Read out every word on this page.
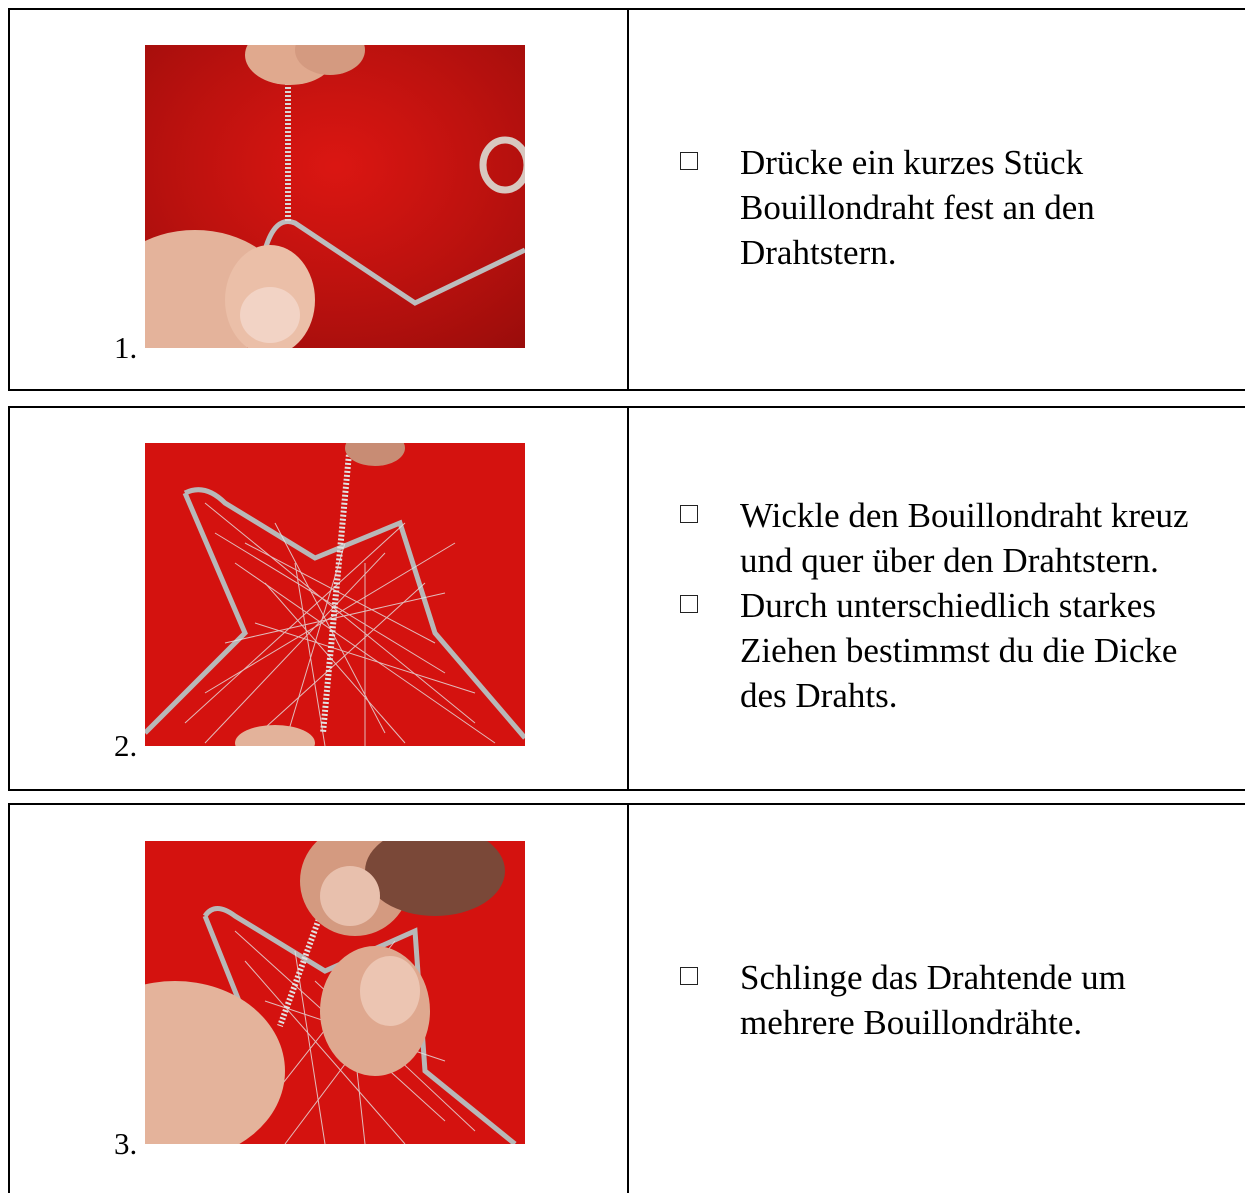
1.
Drücke ein kurzes Stück Bouillondraht fest an den Drahtstern.
2.
Wickle den Bouillondraht kreuz und quer über den Drahtstern.
Durch unterschiedlich starkes Ziehen bestimmst du die Dicke des Drahts.
3.
Schlinge das Drahtende um mehrere Bouillondrähte.
